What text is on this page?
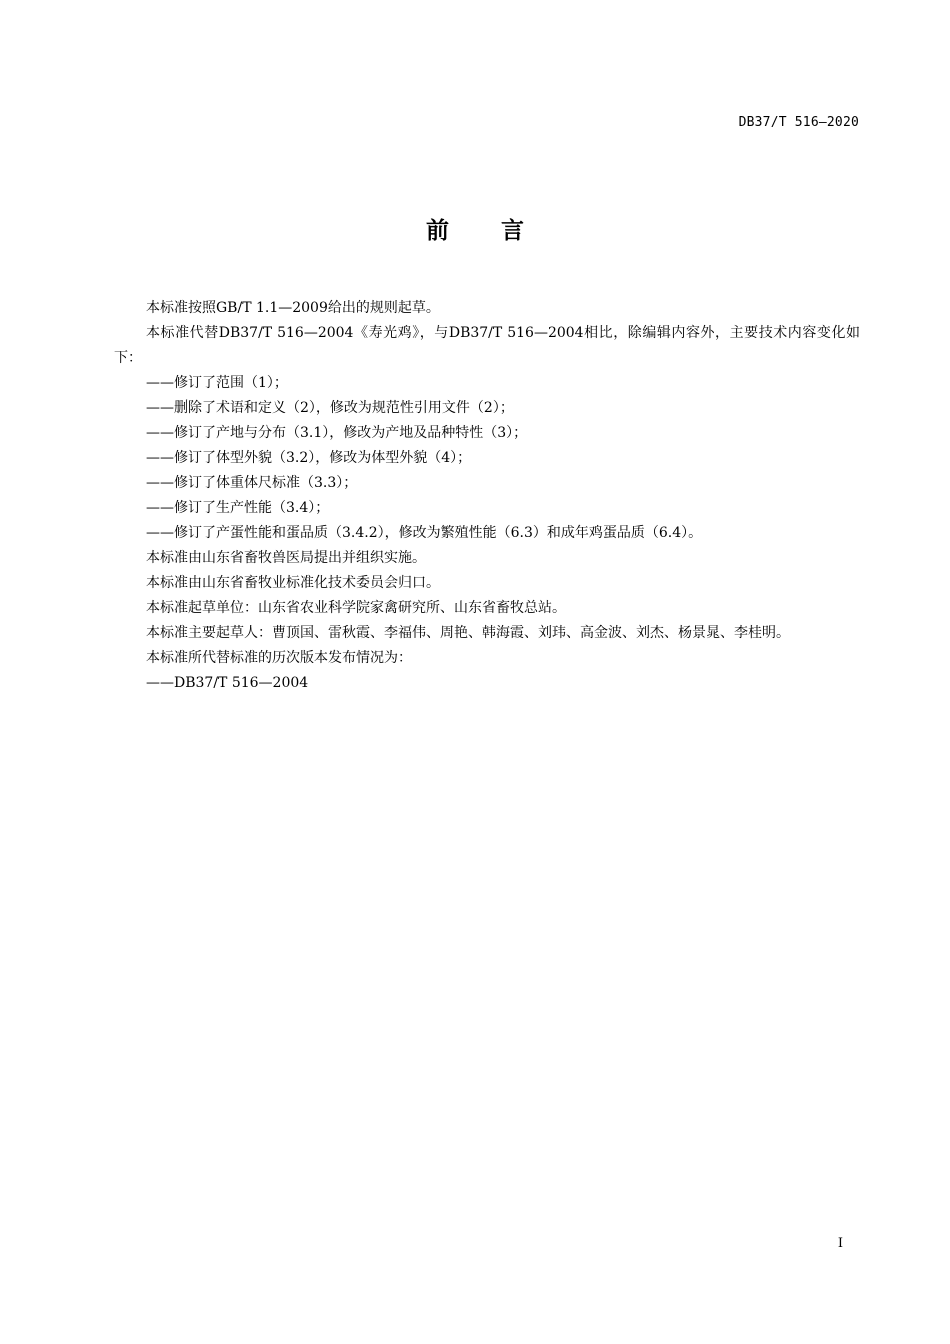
DB37/T 516—2020
前 言

本标准按照GB/T 1.1—2009给出的规则起草。

本标准代替DB37/T 516—2004《寿光鸡》，与DB37/T 516—2004相比，除编辑内容外，主要技术内容变化如下：

——修订了范围（1）；

——删除了术语和定义（2），修改为规范性引用文件（2）；

——修订了产地与分布（3.1），修改为产地及品种特性（3）；

——修订了体型外貌（3.2），修改为体型外貌（4）；

——修订了体重体尺标准（3.3）；

——修订了生产性能（3.4）；

——修订了产蛋性能和蛋品质（3.4.2），修改为繁殖性能（6.3）和成年鸡蛋品质（6.4）。

本标准由山东省畜牧兽医局提出并组织实施。

本标准由山东省畜牧业标准化技术委员会归口。

本标准起草单位：山东省农业科学院家禽研究所、山东省畜牧总站。

本标准主要起草人：曹顶国、雷秋霞、李福伟、周艳、韩海霞、刘玮、高金波、刘杰、杨景晁、李桂明。

本标准所代替标准的历次版本发布情况为：

——DB37/T 516—2004

I
